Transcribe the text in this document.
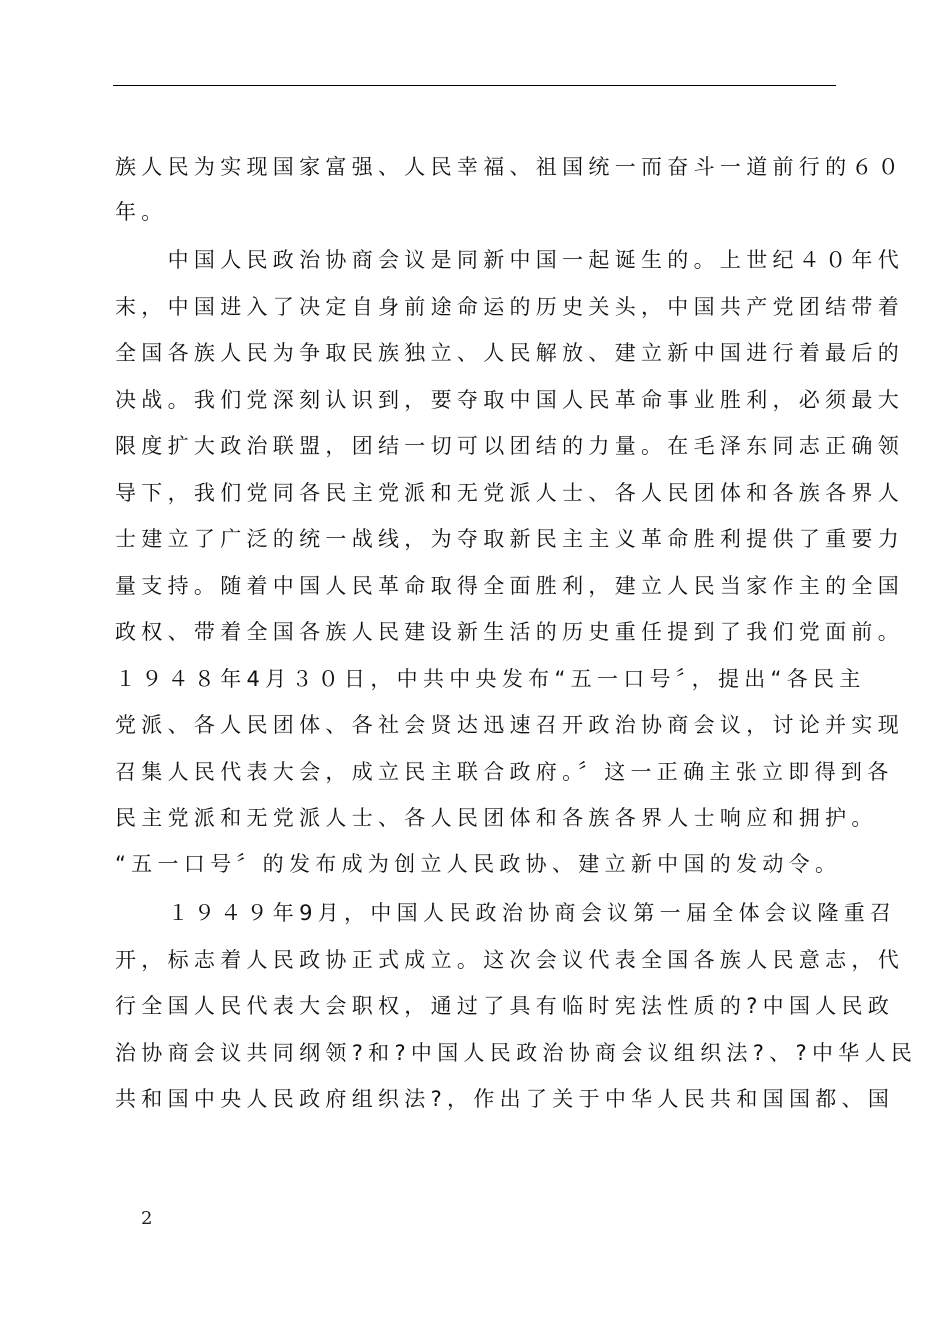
族人民为实现国家富强、人民幸福、祖国统一而奋斗一道前行的６０
年。
　　中国人民政治协商会议是同新中国一起诞生的。上世纪４０年代
末，中国进入了决定自身前途命运的历史关头，中国共产党团结带着
全国各族人民为争取民族独立、人民解放、建立新中国进行着最后的
决战。我们党深刻认识到，要夺取中国人民革命事业胜利，必须最大
限度扩大政治联盟，团结一切可以团结的力量。在毛泽东同志正确领
导下，我们党同各民主党派和无党派人士、各人民团体和各族各界人
士建立了广泛的统一战线，为夺取新民主主义革命胜利提供了重要力
量支持。随着中国人民革命取得全面胜利，建立人民当家作主的全国
政权、带着全国各族人民建设新生活的历史重任提到了我们党面前。
１９４８年4月３０日，中共中央发布“五一口号〞，提出“各民主
党派、各人民团体、各社会贤达迅速召开政治协商会议，讨论并实现
召集人民代表大会，成立民主联合政府。〞这一正确主张立即得到各
民主党派和无党派人士、各人民团体和各族各界人士响应和拥护。
“五一口号〞的发布成为创立人民政协、建立新中国的发动令。
　　１９４９年9月，中国人民政治协商会议第一届全体会议隆重召
开，标志着人民政协正式成立。这次会议代表全国各族人民意志，代
行全国人民代表大会职权，通过了具有临时宪法性质的?中国人民政
治协商会议共同纲领?和?中国人民政治协商会议组织法?、?中华人民
共和国中央人民政府组织法?，作出了关于中华人民共和国国都、国
2
